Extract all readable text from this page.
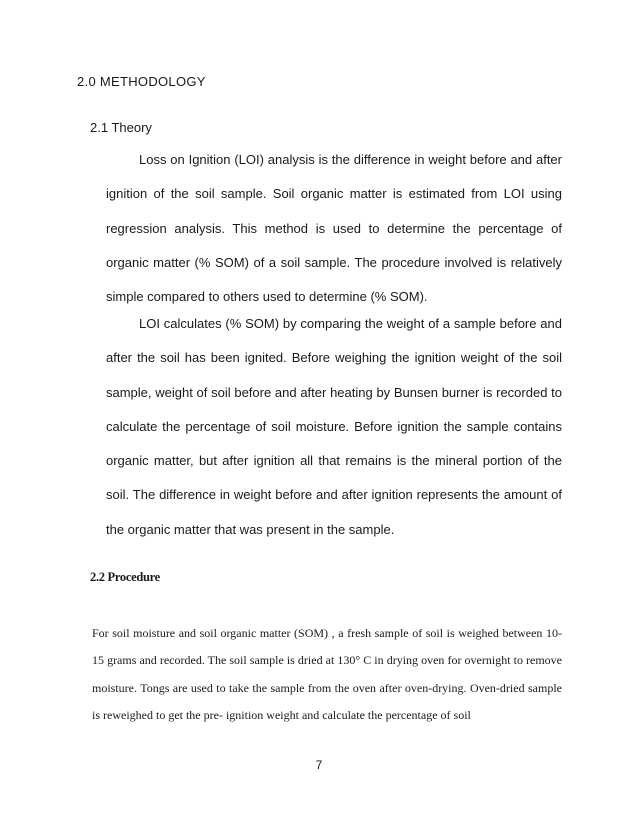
2.0 METHODOLOGY
2.1 Theory

Loss on Ignition (LOI) analysis is the difference in weight before and after ignition of the soil sample. Soil organic matter is estimated from LOI using regression analysis. This method is used to determine the percentage of organic matter (% SOM) of a soil sample. The procedure involved is relatively simple compared to others used to determine (% SOM).

LOI calculates (% SOM) by comparing the weight of a sample before and after the soil has been ignited. Before weighing the ignition weight of the soil sample, weight of soil before and after heating by Bunsen burner is recorded to calculate the percentage of soil moisture. Before ignition the sample contains organic matter, but after ignition all that remains is the mineral portion of the soil. The difference in weight before and after ignition represents the amount of the organic matter that was present in the sample.

2.2 Procedure

For soil moisture and soil organic matter (SOM) , a fresh sample of soil is weighed between 10-15 grams and recorded. The soil sample is dried at 130° C in drying oven for overnight to remove moisture. Tongs are used to take the sample from the oven after oven-drying. Oven-dried sample is reweighed to get the pre- ignition weight and calculate the percentage of soil

7
